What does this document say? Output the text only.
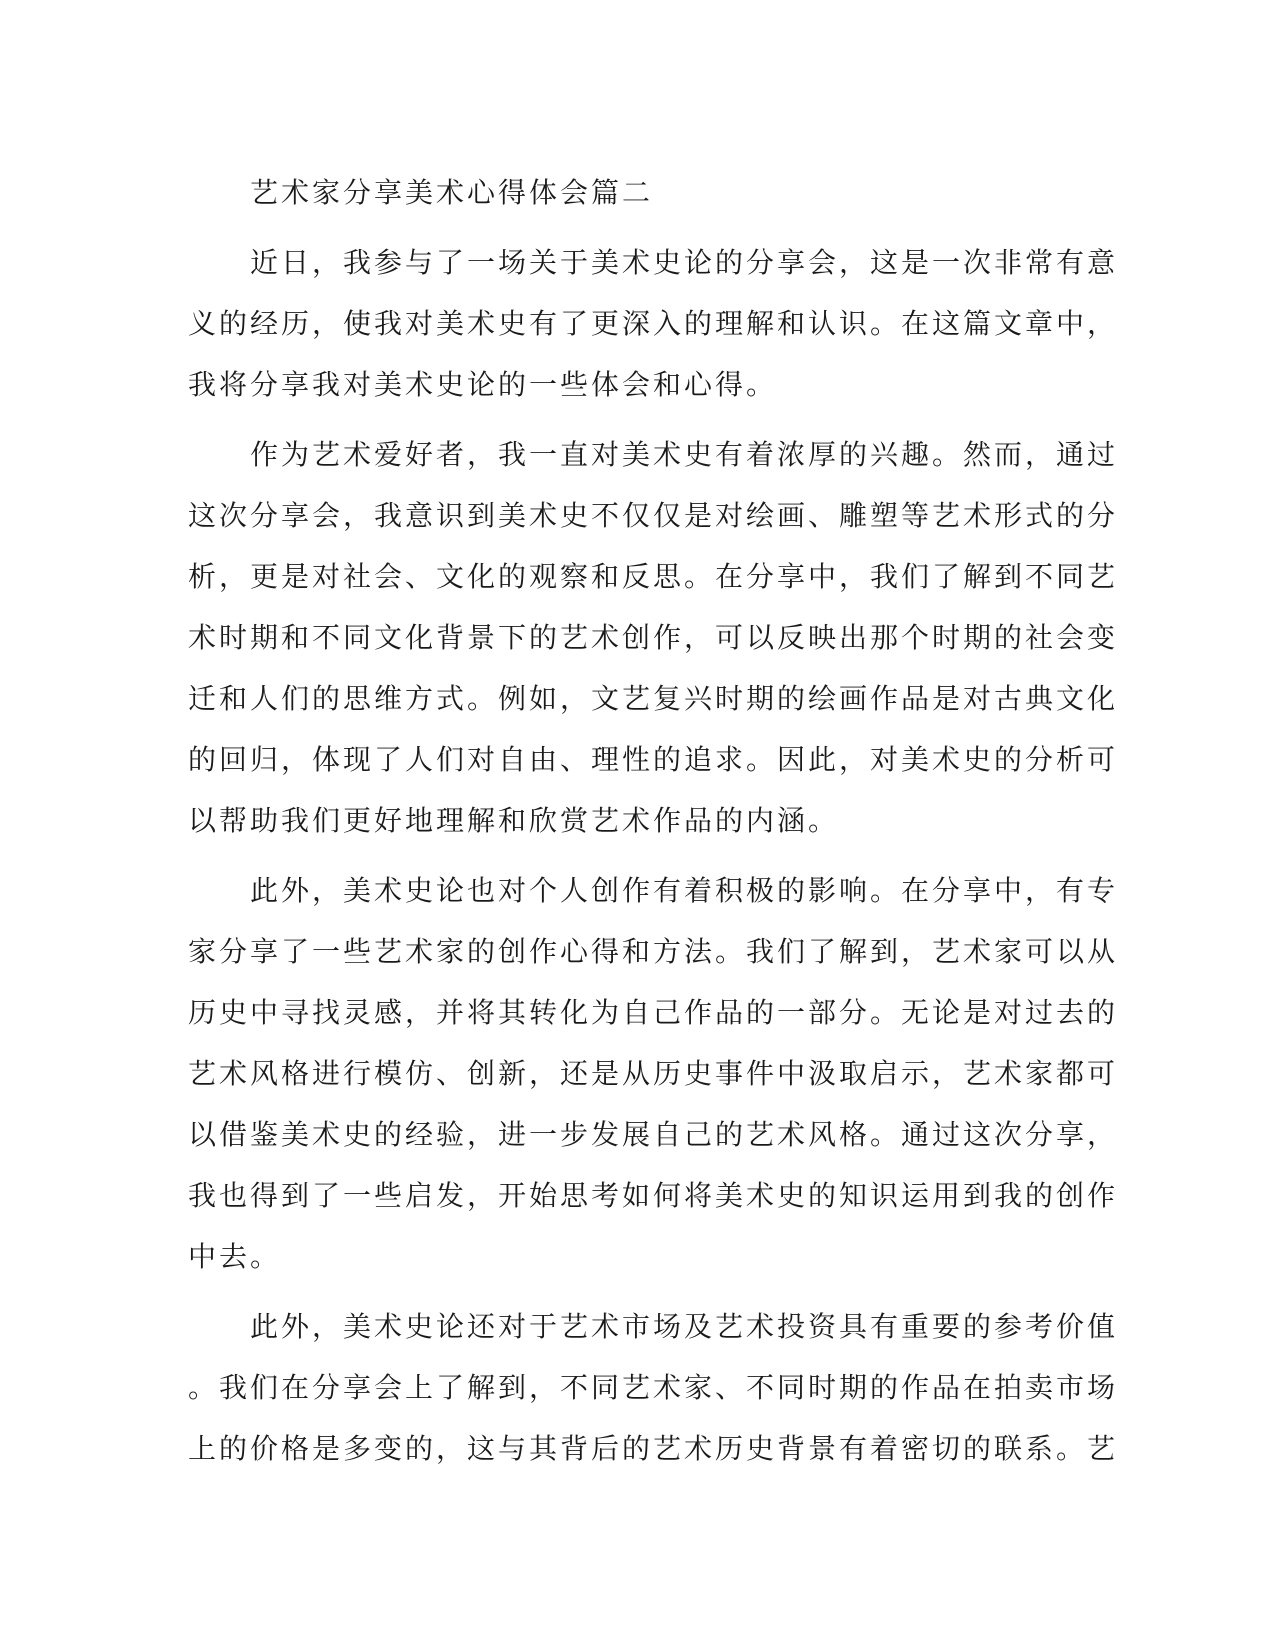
　　艺术家分享美术心得体会篇二
　　近日，我参与了一场关于美术史论的分享会，这是一次非常有意
义的经历，使我对美术史有了更深入的理解和认识。在这篇文章中，
我将分享我对美术史论的一些体会和心得。
　　作为艺术爱好者，我一直对美术史有着浓厚的兴趣。然而，通过
这次分享会，我意识到美术史不仅仅是对绘画、雕塑等艺术形式的分
析，更是对社会、文化的观察和反思。在分享中，我们了解到不同艺
术时期和不同文化背景下的艺术创作，可以反映出那个时期的社会变
迁和人们的思维方式。例如，文艺复兴时期的绘画作品是对古典文化
的回归，体现了人们对自由、理性的追求。因此，对美术史的分析可
以帮助我们更好地理解和欣赏艺术作品的内涵。
　　此外，美术史论也对个人创作有着积极的影响。在分享中，有专
家分享了一些艺术家的创作心得和方法。我们了解到，艺术家可以从
历史中寻找灵感，并将其转化为自己作品的一部分。无论是对过去的
艺术风格进行模仿、创新，还是从历史事件中汲取启示，艺术家都可
以借鉴美术史的经验，进一步发展自己的艺术风格。通过这次分享，
我也得到了一些启发，开始思考如何将美术史的知识运用到我的创作
中去。
　　此外，美术史论还对于艺术市场及艺术投资具有重要的参考价值
。我们在分享会上了解到，不同艺术家、不同时期的作品在拍卖市场
上的价格是多变的，这与其背后的艺术历史背景有着密切的联系。艺
